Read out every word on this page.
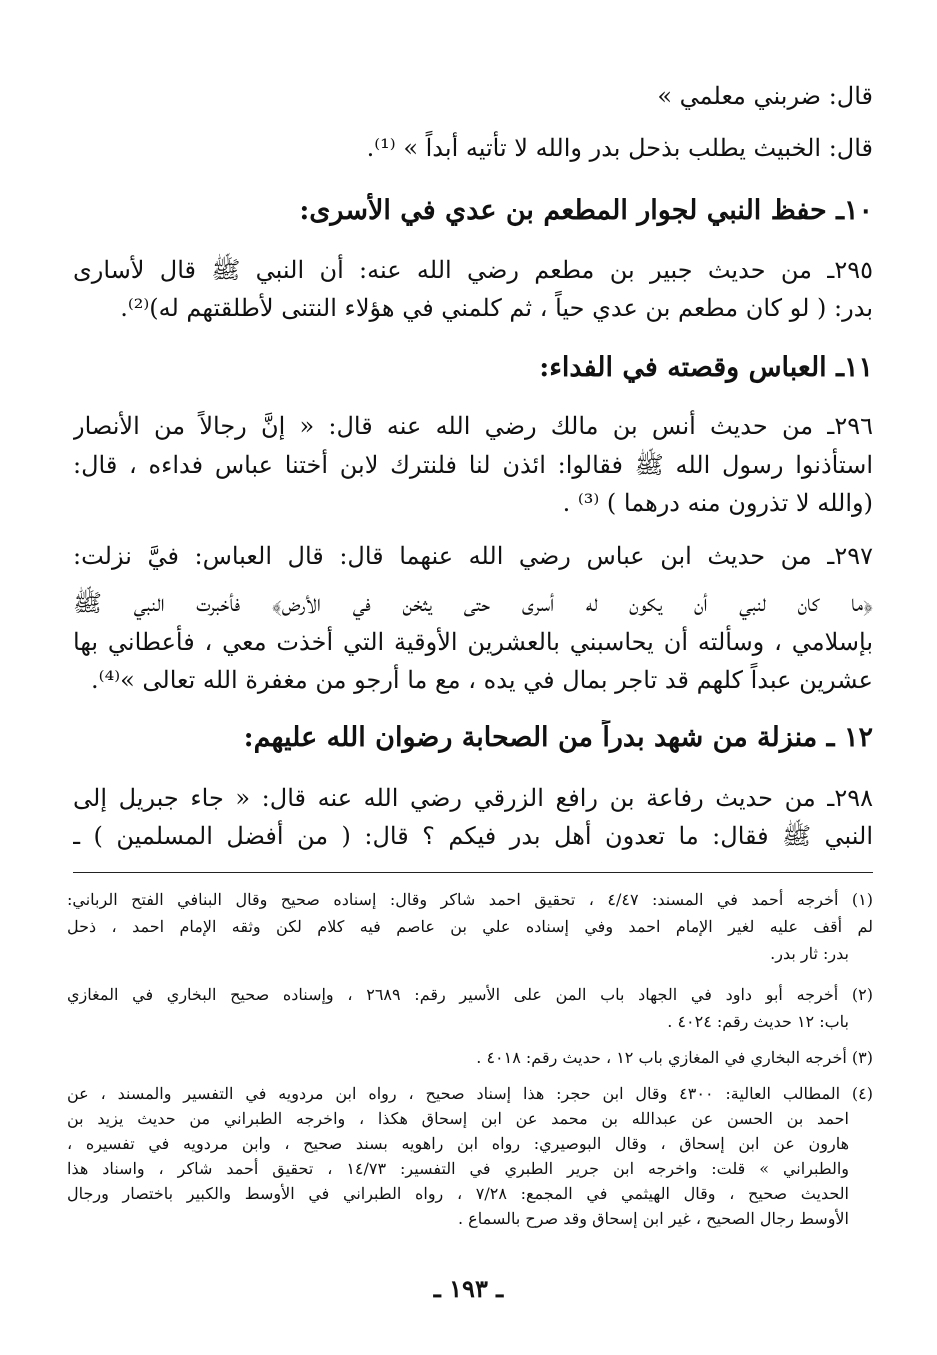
قال: ضربني معلمي »
قال: الخبيث يطلب بذحل بدر والله لا تأتيه أبداً » ⁽¹⁾.
١٠ـ حفظ النبي لجوار المطعم بن عدي في الأسرى:
٢٩٥ـ من حديث جبير بن مطعم رضي الله عنه: أن النبي ﷺ قال لأسارى
بدر: ( لو كان مطعم بن عدي حياً ، ثم كلمني في هؤلاء النتنى لأطلقتهم له)⁽²⁾.
١١ـ العباس وقصته في الفداء:
٢٩٦ـ من حديث أنس بن مالك رضي الله عنه قال: « إنَّ رجالاً من الأنصار
استأذنوا رسول الله ﷺ فقالوا: ائذن لنا فلنترك لابن أختنا عباس فداءه ، قال:
(والله لا تذرون منه درهما ) ⁽³⁾ .
٢٩٧ـ من حديث ابن عباس رضي الله عنهما قال: قال العباس: فيَّ نزلت:
﴿ما كان لنبي أن يكون له أسرى حتى يثخن في الأرض﴾ فأخبرت النبي ﷺ
بإسلامي ، وسألته أن يحاسبني بالعشرين الأوقية التي أخذت معي ، فأعطاني بها
عشرين عبداً كلهم قد تاجر بمال في يده ، مع ما أرجو من مغفرة الله تعالى »⁽⁴⁾.
١٢ ـ منزلة من شهد بدراً من الصحابة رضوان الله عليهم:
٢٩٨ـ من حديث رفاعة بن رافع الزرقي رضي الله عنه قال: « جاء جبريل إلى
النبي ﷺ فقال: ما تعدون أهل بدر فيكم ؟ قال: ( من أفضل المسلمين ) ـ
(١) أخرجه أحمد في المسند: ٤/٤٧ ، تحقيق احمد شاكر وقال: إسناده صحيح وقال البنافي الفتح الرباني:
لم أقف عليه لغير الإمام احمد وفي إسناده علي بن عاصم فيه كلام لكن وثقه الإمام احمد ، ذحل
بدر: ثار بدر.
(٢) أخرجه أبو داود في الجهاد باب المن على الأسير رقم: ٢٦٨٩ ، وإسناده صحيح البخاري في المغازي
باب: ١٢ حديث رقم: ٤٠٢٤ .
(٣) أخرجه البخاري في المغازي باب ١٢ ، حديث رقم: ٤٠١٨ .
(٤) المطالب العالية: ٤٣٠٠ وقال ابن حجر: هذا إسناد صحيح ، رواه ابن مردويه في التفسير والمسند ، عن
احمد بن الحسن عن عبدالله بن محمد عن ابن إسحاق هكذا ، واخرجه الطبراني من حديث يزيد بن
هارون عن ابن إسحاق ، وقال البوصيري: رواه ابن راهويه بسند صحيح ، وابن مردويه في تفسيره ،
والطبراني » قلت: واخرجه ابن جرير الطبري في التفسير: ١٤/٧٣ ، تحقيق أحمد شاكر ، واسناد هذا
الحديث صحيح ، وقال الهيثمي في المجمع: ٧/٢٨ ، رواه الطبراني في الأوسط والكبير باختصار ورجال
الأوسط رجال الصحيح ، غير ابن إسحاق وقد صرح بالسماع .
ـ ١٩٣ ـ
